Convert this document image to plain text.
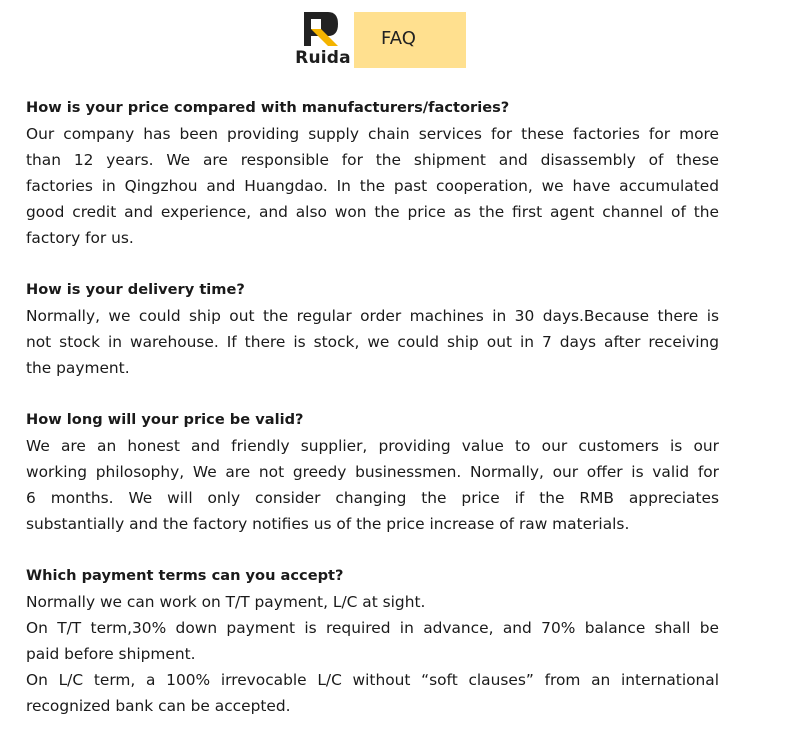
Ruida
FAQ

How is your price compared with manufacturers/factories?

Our company has been providing supply chain services for these factories for more
than 12 years. We are responsible for the shipment and disassembly of these
factories in Qingzhou and Huangdao. In the past cooperation, we have accumulated
good credit and experience, and also won the price as the first agent channel of the
factory for us.

How is your delivery time?

Normally, we could ship out the regular order machines in 30 days.Because there is
not stock in warehouse. If there is stock, we could ship out in 7 days after receiving
the payment.

How long will your price be valid?

We are an honest and friendly supplier, providing value to our customers is our
working philosophy, We are not greedy businessmen. Normally, our offer is valid for
6 months. We will only consider changing the price if the RMB appreciates
substantially and the factory notifies us of the price increase of raw materials.

Which payment terms can you accept?

Normally we can work on T/T payment, L/C at sight.
On T/T term,30% down payment is required in advance, and 70% balance shall be
paid before shipment.
On L/C term, a 100% irrevocable L/C without “soft clauses” from an international
recognized bank can be accepted.
